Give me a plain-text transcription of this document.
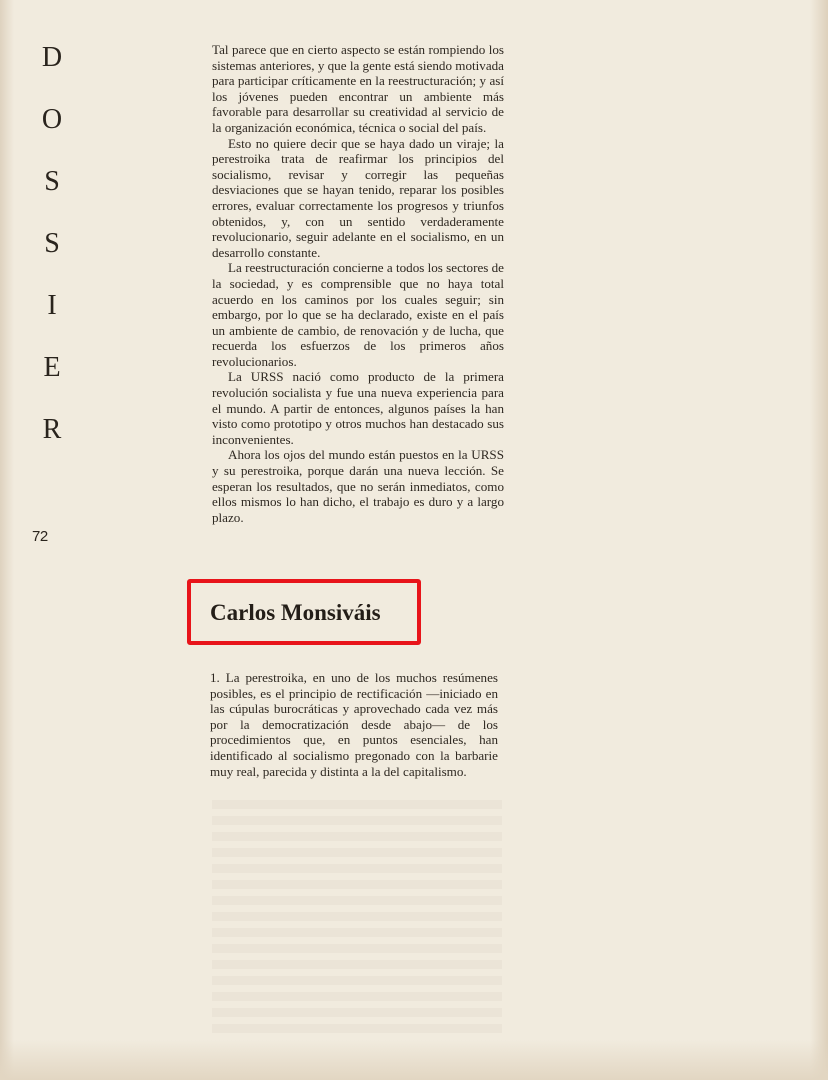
D
O
S
S
I
E
R
72

Tal parece que en cierto aspecto se están rompiendo los sistemas anteriores, y que la gente está siendo motivada para participar críticamente en la reestructuración; y así los jóvenes pueden encontrar un ambiente más favorable para desarrollar su creatividad al servicio de la organización económica, técnica o social del país.

Esto no quiere decir que se haya dado un viraje; la perestroika trata de reafirmar los principios del socialismo, revisar y corregir las pequeñas desviaciones que se hayan tenido, reparar los posibles errores, evaluar correctamente los progresos y triunfos obtenidos, y, con un sentido verdaderamente revolucionario, seguir adelante en el socialismo, en un desarrollo constante.

La reestructuración concierne a todos los sectores de la sociedad, y es comprensible que no haya total acuerdo en los caminos por los cuales seguir; sin embargo, por lo que se ha declarado, existe en el país un ambiente de cambio, de renovación y de lucha, que recuerda los esfuerzos de los primeros años revolucionarios.

La URSS nació como producto de la primera revolución socialista y fue una nueva experiencia para el mundo. A partir de entonces, algunos países la han visto como prototipo y otros muchos han destacado sus inconvenientes.

Ahora los ojos del mundo están puestos en la URSS y su perestroika, porque darán una nueva lección. Se esperan los resultados, que no serán inmediatos, como ellos mismos lo han dicho, el trabajo es duro y a largo plazo.

Carlos Monsiváis

1. La perestroika, en uno de los muchos resúmenes posibles, es el principio de rectificación —iniciado en las cúpulas burocráticas y aprovechado cada vez más por la democratización desde abajo— de los procedimientos que, en puntos esenciales, han identificado al socialismo pregonado con la barbarie muy real, parecida y distinta a la del capitalismo.
